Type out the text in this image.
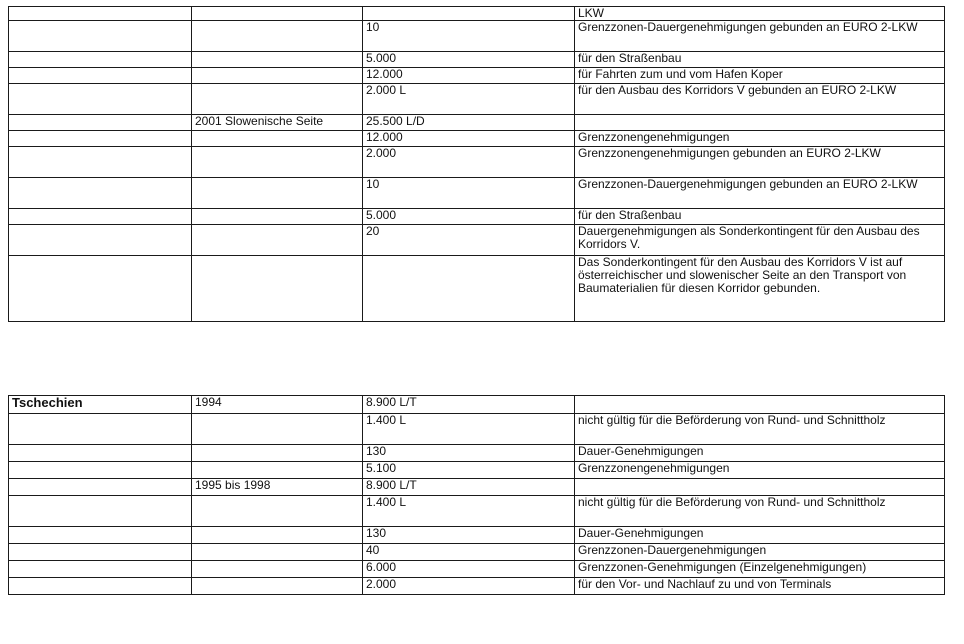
			LKW
		10	Grenzzonen-Dauergenehmigungen gebunden an EURO 2-LKW
		5.000	für den Straßenbau
		12.000	für Fahrten zum und vom Hafen Koper
		2.000 L	für den Ausbau des Korridors V gebunden an EURO 2-LKW
	2001 Slowenische Seite	25.500 L/D	
		12.000	Grenzzonengenehmigungen
		2.000	Grenzzonengenehmigungen gebunden an EURO 2-LKW
		10	Grenzzonen-Dauergenehmigungen gebunden an EURO 2-LKW
		5.000	für den Straßenbau
		20	Dauergenehmigungen als Sonderkontingent für den Ausbau des Korridors V.
			Das Sonderkontingent für den Ausbau des Korridors V ist auf österreichischer und slowenischer Seite an den Transport von Baumaterialien für diesen Korridor gebunden.
Tschechien	1994	8.900 L/T	
		1.400 L	nicht gültig für die Beförderung von Rund- und Schnittholz
		130	Dauer-Genehmigungen
		5.100	Grenzzonengenehmigungen
	1995 bis 1998	8.900 L/T	
		1.400 L	nicht gültig für die Beförderung von Rund- und Schnittholz
		130	Dauer-Genehmigungen
		40	Grenzzonen-Dauergenehmigungen
		6.000	Grenzzonen-Genehmigungen (Einzelgenehmigungen)
		2.000	für den Vor- und Nachlauf zu und von Terminals
